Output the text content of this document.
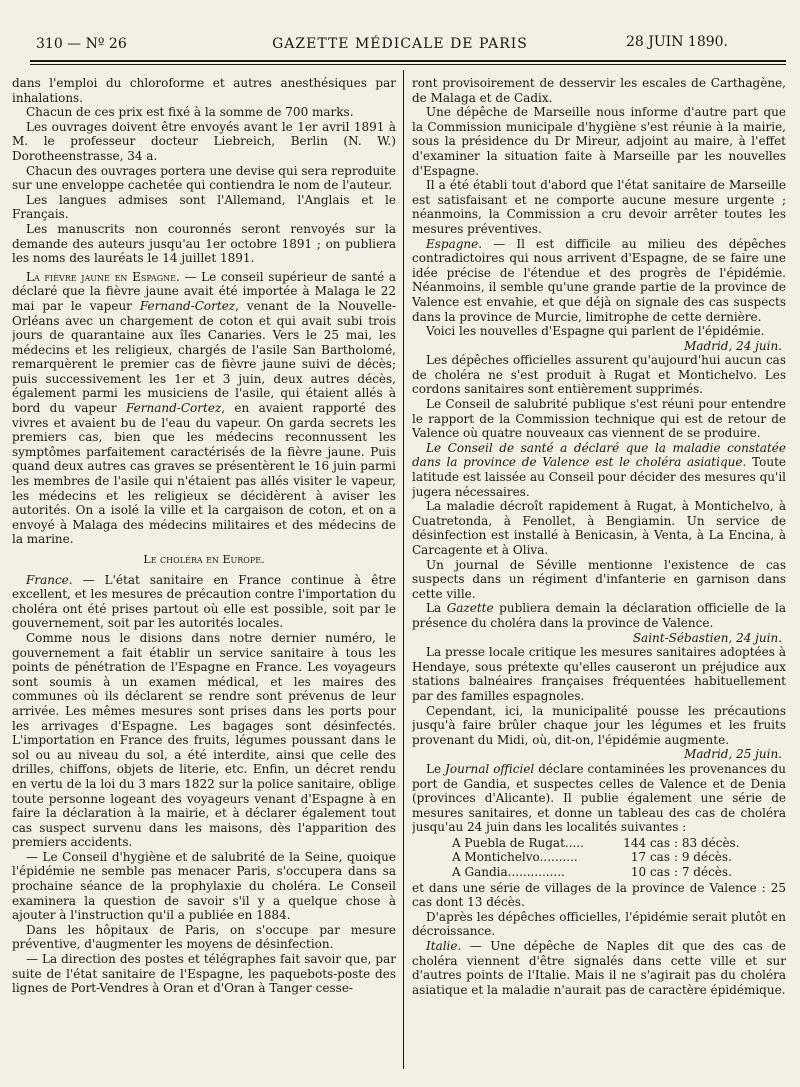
310 — Nº 26	GAZETTE MÉDICALE DE PARIS	28 JUIN 1890.

dans l'emploi du chloroforme et autres anesthésiques par inhalations.

Chacun de ces prix est fixé à la somme de 700 marks.

Les ouvrages doivent être envoyés avant le 1er avril 1891 à M. le professeur docteur Liebreich, Berlin (N. W.) Dorotheenstrasse, 34 a.

Chacun des ouvrages portera une devise qui sera reproduite sur une enveloppe cachetée qui contiendra le nom de l'auteur.

Les langues admises sont l'Allemand, l'Anglais et le Français.

Les manuscrits non couronnés seront renvoyés sur la demande des auteurs jusqu'au 1er octobre 1891 ; on publiera les noms des lauréats le 14 juillet 1891.

La fièvre jaune en Espagne. — Le conseil supérieur de santé a déclaré que la fièvre jaune avait été importée à Malaga le 22 mai par le vapeur Fernand-Cortez, venant de la Nouvelle-Orléans avec un chargement de coton et qui avait subi trois jours de quarantaine aux îles Canaries. Vers le 25 mai, les médecins et les religieux, chargés de l'asile San Bartholomé, remarquèrent le premier cas de fièvre jaune suivi de décès; puis successivement les 1er et 3 juin, deux autres décès, également parmi les musiciens de l'asile, qui étaient allés à bord du vapeur Fernand-Cortez, en avaient rapporté des vivres et avaient bu de l'eau du vapeur. On garda secrets les premiers cas, bien que les médecins reconnussent les symptômes parfaitement caractérisés de la fièvre jaune. Puis quand deux autres cas graves se présentèrent le 16 juin parmi les membres de l'asile qui n'étaient pas allés visiter le vapeur, les médecins et les religieux se décidèrent à aviser les autorités. On a isolé la ville et la cargaison de coton, et on a envoyé à Malaga des médecins militaires et des médecins de la marine.

Le choléra en Europe.

France. — L'état sanitaire en France continue à être excellent, et les mesures de précaution contre l'importation du choléra ont été prises partout où elle est possible, soit par le gouvernement, soit par les autorités locales.

Comme nous le disions dans notre dernier numéro, le gouvernement a fait établir un service sanitaire à tous les points de pénétration de l'Espagne en France. Les voyageurs sont soumis à un examen médical, et les maires des communes où ils déclarent se rendre sont prévenus de leur arrivée. Les mêmes mesures sont prises dans les ports pour les arrivages d'Espagne. Les bagages sont désinfectés. L'importation en France des fruits, légumes poussant dans le sol ou au niveau du sol, a été interdite, ainsi que celle des drilles, chiffons, objets de literie, etc. Enfin, un décret rendu en vertu de la loi du 3 mars 1822 sur la police sanitaire, oblige toute personne logeant des voyageurs venant d'Espagne à en faire la déclaration à la mairie, et à déclarer également tout cas suspect survenu dans les maisons, dès l'apparition des premiers accidents.

— Le Conseil d'hygiène et de salubrité de la Seine, quoique l'épidémie ne semble pas menacer Paris, s'occupera dans sa prochaine séance de la prophylaxie du choléra. Le Conseil examinera la question de savoir s'il y a quelque chose à ajouter à l'instruction qu'il a publiée en 1884.

Dans les hôpitaux de Paris, on s'occupe par mesure préventive, d'augmenter les moyens de désinfection.

— La direction des postes et télégraphes fait savoir que, par suite de l'état sanitaire de l'Espagne, les paquebots-poste des lignes de Port-Vendres à Oran et d'Oran à Tanger cesse-

ront provisoirement de desservir les escales de Carthagène, de Malaga et de Cadix.

Une dépêche de Marseille nous informe d'autre part que la Commission municipale d'hygiène s'est réunie à la mairie, sous la présidence du Dr Mireur, adjoint au maire, à l'effet d'examiner la situation faite à Marseille par les nouvelles d'Espagne.

Il a été établi tout d'abord que l'état sanitaire de Marseille est satisfaisant et ne comporte aucune mesure urgente ; néanmoins, la Commission a cru devoir arrêter toutes les mesures préventives.

Espagne. — Il est difficile au milieu des dépêches contradictoires qui nous arrivent d'Espagne, de se faire une idée précise de l'étendue et des progrès de l'épidémie. Néanmoins, il semble qu'une grande partie de la province de Valence est envahie, et que déjà on signale des cas suspects dans la province de Murcie, limitrophe de cette dernière.

Voici les nouvelles d'Espagne qui parlent de l'épidémie.

Madrid, 24 juin.

Les dépêches officielles assurent qu'aujourd'hui aucun cas de choléra ne s'est produit à Rugat et Montichelvo. Les cordons sanitaires sont entièrement supprimés.

Le Conseil de salubrité publique s'est réuni pour entendre le rapport de la Commission technique qui est de retour de Valence où quatre nouveaux cas viennent de se produire.

Le Conseil de santé a déclaré que la maladie constatée dans la province de Valence est le choléra asiatique. Toute latitude est laissée au Conseil pour décider des mesures qu'il jugera nécessaires.

La maladie décroît rapidement à Rugat, à Montichelvo, à Cuatretonda, à Fenollet, à Bengiamin. Un service de désinfection est installé à Benicasin, à Venta, à La Encina, à Carcagente et à Oliva.

Un journal de Séville mentionne l'existence de cas suspects dans un régiment d'infanterie en garnison dans cette ville.

La Gazette publiera demain la déclaration officielle de la présence du choléra dans la province de Valence.

Saint-Sébastien, 24 juin.

La presse locale critique les mesures sanitaires adoptées à Hendaye, sous prétexte qu'elles causeront un préjudice aux stations balnéaires françaises fréquentées habituellement par des familles espagnoles.

Cependant, ici, la municipalité pousse les précautions jusqu'à faire brûler chaque jour les légumes et les fruits provenant du Midi, où, dit-on, l'épidémie augmente.

Madrid, 25 juin.

Le Journal officiel déclare contaminées les provenances du port de Gandia, et suspectes celles de Valence et de Denia (provinces d'Alicante). Il publie également une série de mesures sanitaires, et donne un tableau des cas de choléra jusqu'au 24 juin dans les localités suivantes :

A Puebla de Rugat.....	144 cas : 83 décès.
A Montichelvo..........	17 cas : 9 décès.
A Gandia...............	10 cas : 7 décès.

et dans une série de villages de la province de Valence : 25 cas dont 13 décès.

D'après les dépêches officielles, l'épidémie serait plutôt en décroissance.

Italie. — Une dépêche de Naples dit que des cas de choléra viennent d'être signalés dans cette ville et sur d'autres points de l'Italie. Mais il ne s'agirait pas du choléra asiatique et la maladie n'aurait pas de caractère épidémique.
